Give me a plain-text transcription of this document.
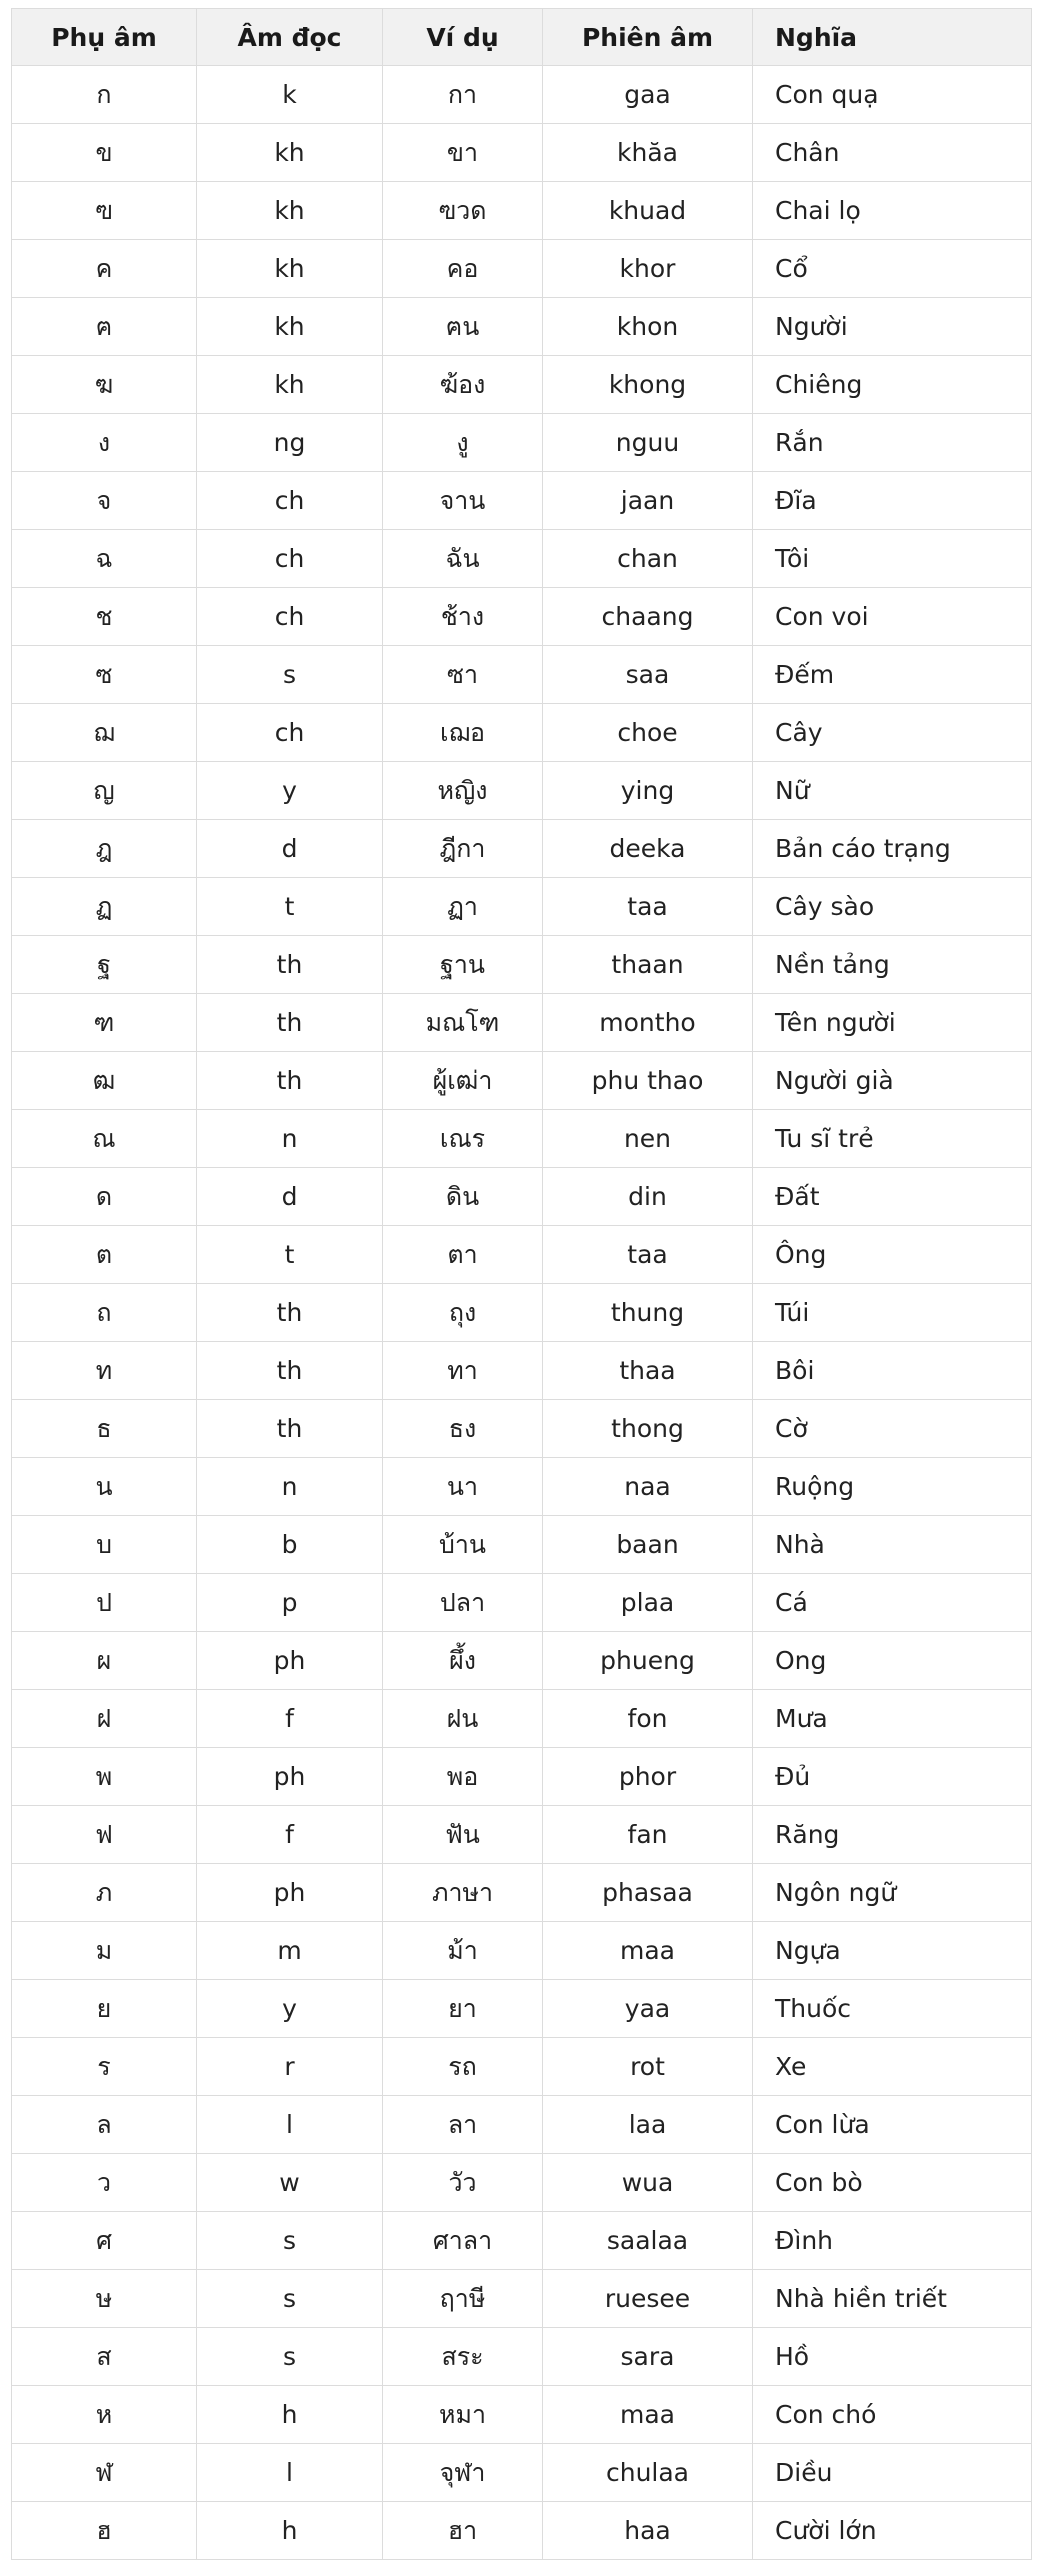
Phụ âm	Âm đọc	Ví dụ	Phiên âm	Nghĩa
ก	k	กา	gaa	Con quạ
ข	kh	ขา	khăa	Chân
ฃ	kh	ฃวด	khuad	Chai lọ
ค	kh	คอ	khor	Cổ
ฅ	kh	ฅน	khon	Người
ฆ	kh	ฆ้อง	khong	Chiêng
ง	ng	งู	nguu	Rắn
จ	ch	จาน	jaan	Đĩa
ฉ	ch	ฉัน	chan	Tôi
ช	ch	ช้าง	chaang	Con voi
ซ	s	ซา	saa	Đếm
ฌ	ch	เฌอ	choe	Cây
ญ	y	หญิง	ying	Nữ
ฎ	d	ฎีกา	deeka	Bản cáo trạng
ฏ	t	ฏา	taa	Cây sào
ฐ	th	ฐาน	thaan	Nền tảng
ฑ	th	มณโฑ	montho	Tên người
ฒ	th	ผู้เฒ่า	phu thao	Người già
ณ	n	เณร	nen	Tu sĩ trẻ
ด	d	ดิน	din	Đất
ต	t	ตา	taa	Ông
ถ	th	ถุง	thung	Túi
ท	th	ทา	thaa	Bôi
ธ	th	ธง	thong	Cờ
น	n	นา	naa	Ruộng
บ	b	บ้าน	baan	Nhà
ป	p	ปลา	plaa	Cá
ผ	ph	ผึ้ง	phueng	Ong
ฝ	f	ฝน	fon	Mưa
พ	ph	พอ	phor	Đủ
ฟ	f	ฟัน	fan	Răng
ภ	ph	ภาษา	phasaa	Ngôn ngữ
ม	m	ม้า	maa	Ngựa
ย	y	ยา	yaa	Thuốc
ร	r	รถ	rot	Xe
ล	l	ลา	laa	Con lừa
ว	w	วัว	wua	Con bò
ศ	s	ศาลา	saalaa	Đình
ษ	s	ฤาษี	ruesee	Nhà hiền triết
ส	s	สระ	sara	Hồ
ห	h	หมา	maa	Con chó
ฬ	l	จุฬา	chulaa	Diều
ฮ	h	ฮา	haa	Cười lớn
